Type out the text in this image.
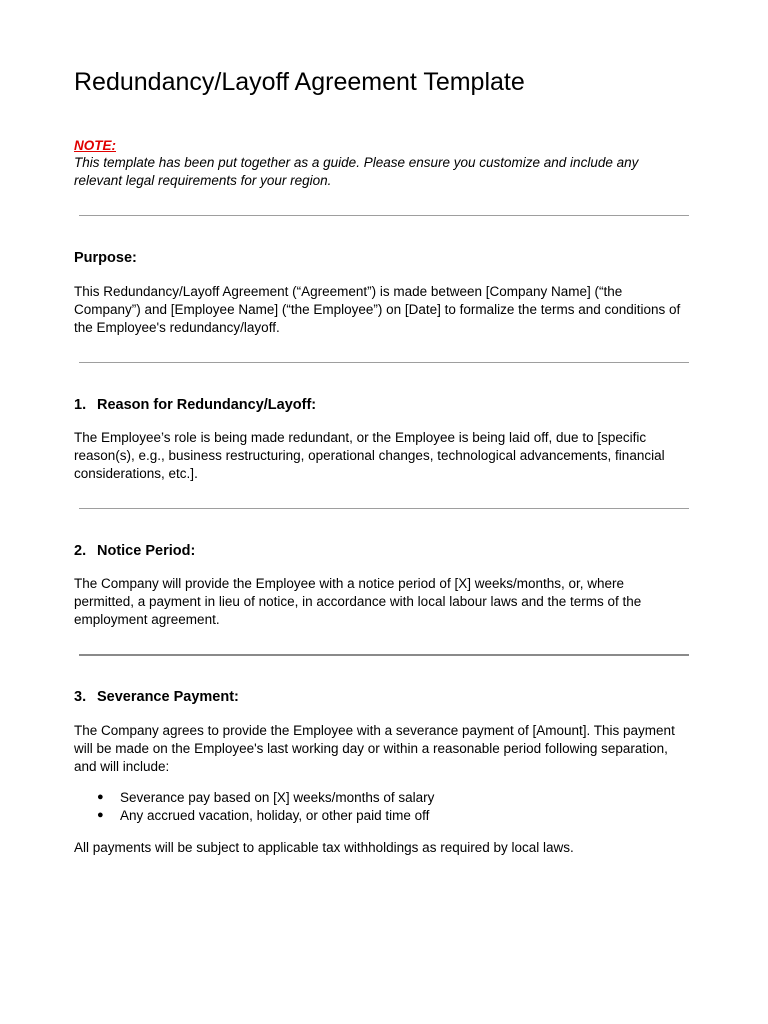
Redundancy/Layoff Agreement Template
NOTE:
This template has been put together as a guide. Please ensure you customize and include any relevant legal requirements for your region.
Purpose:
This Redundancy/Layoff Agreement (“Agreement”) is made between [Company Name] (“the Company”) and [Employee Name] (“the Employee”) on [Date] to formalize the terms and conditions of the Employee's redundancy/layoff.
1. Reason for Redundancy/Layoff:
The Employee’s role is being made redundant, or the Employee is being laid off, due to [specific reason(s), e.g., business restructuring, operational changes, technological advancements, financial considerations, etc.].
2. Notice Period:
The Company will provide the Employee with a notice period of [X] weeks/months, or, where permitted, a payment in lieu of notice, in accordance with local labour laws and the terms of the employment agreement.
3. Severance Payment:
The Company agrees to provide the Employee with a severance payment of [Amount]. This payment will be made on the Employee's last working day or within a reasonable period following separation, and will include:
● Severance pay based on [X] weeks/months of salary
● Any accrued vacation, holiday, or other paid time off
All payments will be subject to applicable tax withholdings as required by local laws.
